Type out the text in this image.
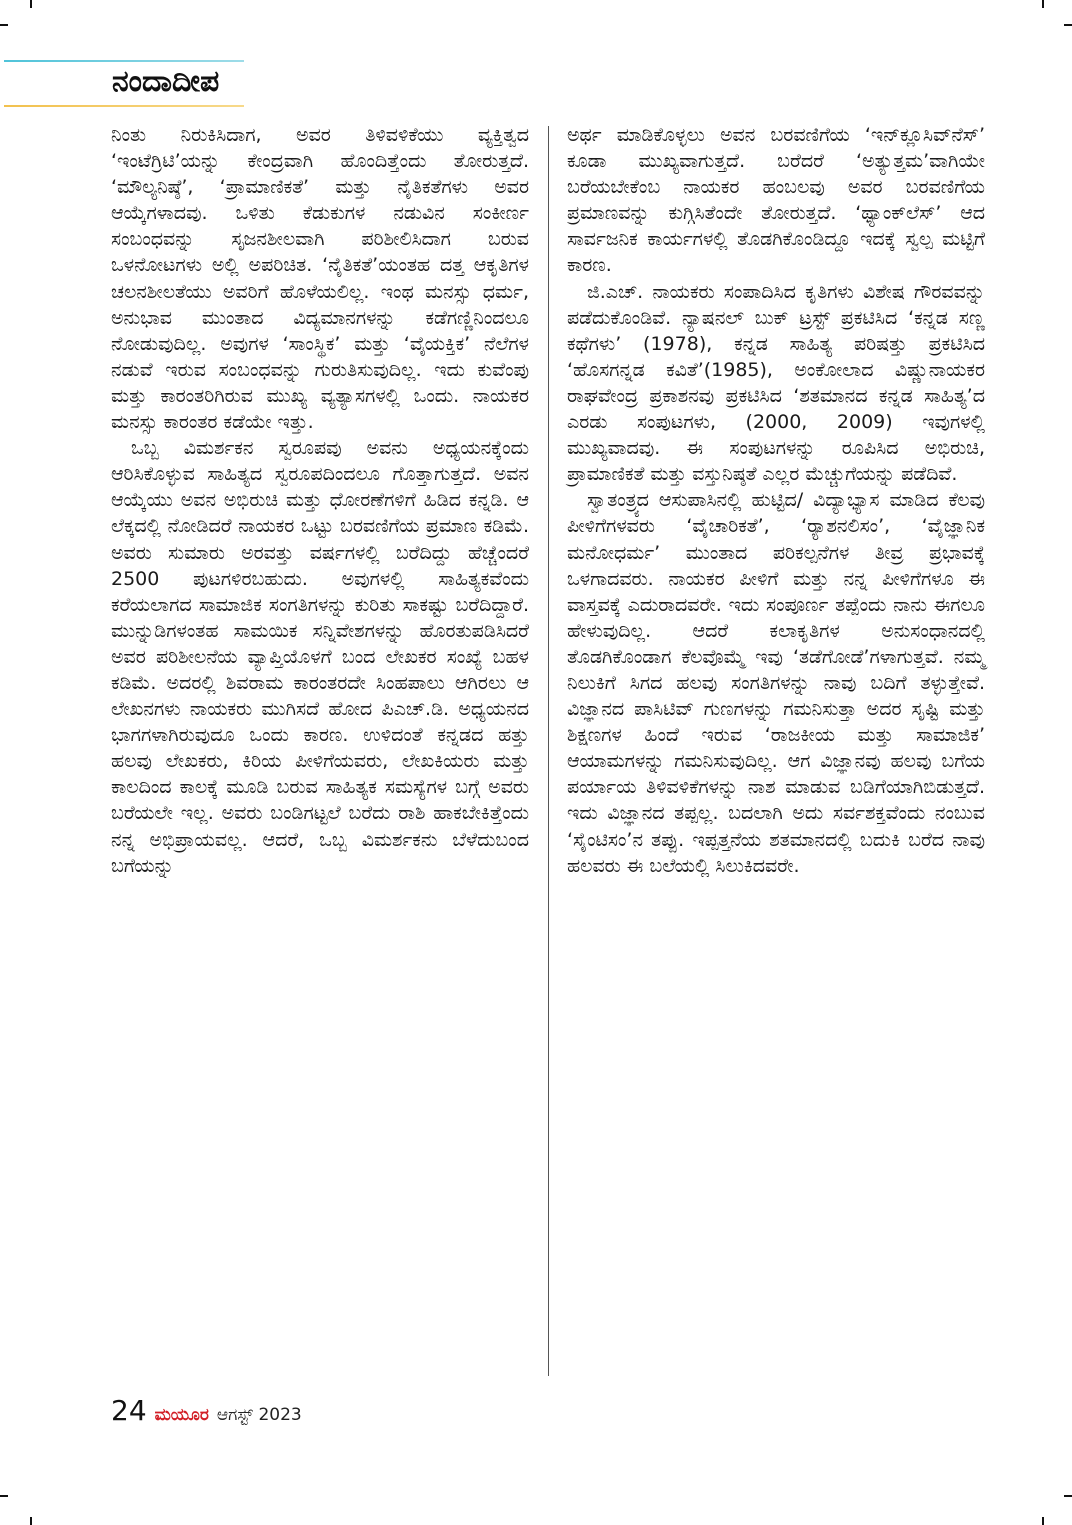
ನಂದಾದೀಪ

ನಿಂತು ನಿರುಕಿಸಿದಾಗ, ಅವರ ತಿಳಿವಳಿಕೆಯು ವ್ಯಕ್ತಿತ್ವದ ‘ಇಂಟೆಗ್ರಿಟಿ’ಯನ್ನು ಕೇಂದ್ರವಾಗಿ ಹೊಂದಿತ್ತೆಂದು ತೋರುತ್ತದೆ. ‘ಮೌಲ್ಯನಿಷ್ಠೆ’, ‘ಪ್ರಾಮಾಣಿಕತೆ’ ಮತ್ತು ನೈತಿಕತೆಗಳು ಅವರ ಆಯ್ಕೆಗಳಾದವು. ಒಳಿತು ಕೆಡುಕುಗಳ ನಡುವಿನ ಸಂಕೀರ್ಣ ಸಂಬಂಧವನ್ನು ಸೃಜನಶೀಲವಾಗಿ ಪರಿಶೀಲಿಸಿದಾಗ ಬರುವ ಒಳನೋಟಗಳು ಅಲ್ಲಿ ಅಪರಿಚಿತ. ‘ನೈತಿಕತೆ’ಯಂತಹ ದತ್ತ ಆಕೃತಿಗಳ ಚಲನಶೀಲತೆಯು ಅವರಿಗೆ ಹೊಳೆಯಲಿಲ್ಲ. ಇಂಥ ಮನಸ್ಸು ಧರ್ಮ, ಅನುಭಾವ ಮುಂತಾದ ವಿದ್ಯಮಾನಗಳನ್ನು ಕಡೆಗಣ್ಣಿನಿಂದಲೂ ನೋಡುವುದಿಲ್ಲ. ಅವುಗಳ ‘ಸಾಂಸ್ಥಿಕ’ ಮತ್ತು ‘ವೈಯಕ್ತಿಕ’ ನೆಲೆಗಳ ನಡುವೆ ಇರುವ ಸಂಬಂಧವನ್ನು ಗುರುತಿಸುವುದಿಲ್ಲ. ಇದು ಕುವೆಂಪು ಮತ್ತು ಕಾರಂತರಿಗಿರುವ ಮುಖ್ಯ ವ್ಯತ್ಯಾಸಗಳಲ್ಲಿ ಒಂದು. ನಾಯಕರ ಮನಸ್ಸು ಕಾರಂತರ ಕಡೆಯೇ ಇತ್ತು.

ಒಬ್ಬ ವಿಮರ್ಶಕನ ಸ್ವರೂಪವು ಅವನು ಅಧ್ಯಯನಕ್ಕೆಂದು ಆರಿಸಿಕೊಳ್ಳುವ ಸಾಹಿತ್ಯದ ಸ್ವರೂಪದಿಂದಲೂ ಗೊತ್ತಾಗುತ್ತದೆ. ಅವನ ಆಯ್ಕೆಯು ಅವನ ಅಭಿರುಚಿ ಮತ್ತು ಧೋರಣೆಗಳಿಗೆ ಹಿಡಿದ ಕನ್ನಡಿ. ಆ ಲೆಕ್ಕದಲ್ಲಿ ನೋಡಿದರೆ ನಾಯಕರ ಒಟ್ಟು ಬರವಣಿಗೆಯ ಪ್ರಮಾಣ ಕಡಿಮೆ. ಅವರು ಸುಮಾರು ಅರವತ್ತು ವರ್ಷಗಳಲ್ಲಿ ಬರೆದಿದ್ದು ಹೆಚ್ಚೆಂದರೆ 2500 ಪುಟಗಳಿರಬಹುದು. ಅವುಗಳಲ್ಲಿ ಸಾಹಿತ್ಯಕವೆಂದು ಕರೆಯಲಾಗದ ಸಾಮಾಜಿಕ ಸಂಗತಿಗಳನ್ನು ಕುರಿತು ಸಾಕಷ್ಟು ಬರೆದಿದ್ದಾರೆ. ಮುನ್ನುಡಿಗಳಂತಹ ಸಾಮಯಿಕ ಸನ್ನಿವೇಶಗಳನ್ನು ಹೊರತುಪಡಿಸಿದರೆ ಅವರ ಪರಿಶೀಲನೆಯ ವ್ಯಾಪ್ತಿಯೊಳಗೆ ಬಂದ ಲೇಖಕರ ಸಂಖ್ಯೆ ಬಹಳ ಕಡಿಮೆ. ಅದರಲ್ಲಿ ಶಿವರಾಮ ಕಾರಂತರದೇ ಸಿಂಹಪಾಲು ಆಗಿರಲು ಆ ಲೇಖನಗಳು ನಾಯಕರು ಮುಗಿಸದೆ ಹೋದ ಪಿಎಚ್.ಡಿ. ಅಧ್ಯಯನದ ಭಾಗಗಳಾಗಿರುವುದೂ ಒಂದು ಕಾರಣ. ಉಳಿದಂತೆ ಕನ್ನಡದ ಹತ್ತು ಹಲವು ಲೇಖಕರು, ಕಿರಿಯ ಪೀಳಿಗೆಯವರು, ಲೇಖಕಿಯರು ಮತ್ತು ಕಾಲದಿಂದ ಕಾಲಕ್ಕೆ ಮೂಡಿ ಬರುವ ಸಾಹಿತ್ಯಕ ಸಮಸ್ಯೆಗಳ ಬಗ್ಗೆ ಅವರು ಬರೆಯಲೇ ಇಲ್ಲ. ಅವರು ಬಂಡಿಗಟ್ಟಲೆ ಬರೆದು ರಾಶಿ ಹಾಕಬೇಕಿತ್ತೆಂದು ನನ್ನ ಅಭಿಪ್ರಾಯವಲ್ಲ. ಆದರೆ, ಒಬ್ಬ ವಿಮರ್ಶಕನು ಬೆಳೆದುಬಂದ ಬಗೆಯನ್ನು

ಅರ್ಥ ಮಾಡಿಕೊಳ್ಳಲು ಅವನ ಬರವಣಿಗೆಯ ‘ಇನ್‌ಕ್ಲೂಸಿವ್‌ನೆಸ್’ ಕೂಡಾ ಮುಖ್ಯವಾಗುತ್ತದೆ. ಬರೆದರೆ ‘ಅತ್ಯುತ್ತಮ’ವಾಗಿಯೇ ಬರೆಯಬೇಕೆಂಬ ನಾಯಕರ ಹಂಬಲವು ಅವರ ಬರವಣಿಗೆಯ ಪ್ರಮಾಣವನ್ನು ಕುಗ್ಗಿಸಿತೆಂದೇ ತೋರುತ್ತದೆ. ‘ಥ್ಯಾಂಕ್‌ಲೆಸ್’ ಆದ ಸಾರ್ವಜನಿಕ ಕಾರ್ಯಗಳಲ್ಲಿ ತೊಡಗಿಕೊಂಡಿದ್ದೂ ಇದಕ್ಕೆ ಸ್ವಲ್ಪ ಮಟ್ಟಿಗೆ ಕಾರಣ.

ಜಿ.ಎಚ್. ನಾಯಕರು ಸಂಪಾದಿಸಿದ ಕೃತಿಗಳು ವಿಶೇಷ ಗೌರವವನ್ನು ಪಡೆದುಕೊಂಡಿವೆ. ನ್ಯಾಷನಲ್ ಬುಕ್ ಟ್ರಸ್ಟ್ ಪ್ರಕಟಿಸಿದ ‘ಕನ್ನಡ ಸಣ್ಣ ಕಥೆಗಳು’ (1978), ಕನ್ನಡ ಸಾಹಿತ್ಯ ಪರಿಷತ್ತು ಪ್ರಕಟಿಸಿದ ‘ಹೊಸಗನ್ನಡ ಕವಿತೆ’(1985), ಅಂಕೋಲಾದ ವಿಷ್ಣುನಾಯಕರ ರಾಘವೇಂದ್ರ ಪ್ರಕಾಶನವು ಪ್ರಕಟಿಸಿದ ‘ಶತಮಾನದ ಕನ್ನಡ ಸಾಹಿತ್ಯ’ದ ಎರಡು ಸಂಪುಟಗಳು, (2000, 2009) ಇವುಗಳಲ್ಲಿ ಮುಖ್ಯವಾದವು. ಈ ಸಂಪುಟಗಳನ್ನು ರೂಪಿಸಿದ ಅಭಿರುಚಿ, ಪ್ರಾಮಾಣಿಕತೆ ಮತ್ತು ವಸ್ತುನಿಷ್ಠತೆ ಎಲ್ಲರ ಮೆಚ್ಚುಗೆಯನ್ನು ಪಡೆದಿವೆ.

ಸ್ವಾತಂತ್ರ್ಯದ ಆಸುಪಾಸಿನಲ್ಲಿ ಹುಟ್ಟಿದ/ ವಿದ್ಯಾಭ್ಯಾಸ ಮಾಡಿದ ಕೆಲವು ಪೀಳಿಗೆಗಳವರು ‘ವೈಚಾರಿಕತೆ’, ‘ರ್‍ಯಾಶನಲಿಸಂ’, ‘ವೈಜ್ಞಾನಿಕ ಮನೋಧರ್ಮ’ ಮುಂತಾದ ಪರಿಕಲ್ಪನೆಗಳ ತೀವ್ರ ಪ್ರಭಾವಕ್ಕೆ ಒಳಗಾದವರು. ನಾಯಕರ ಪೀಳಿಗೆ ಮತ್ತು ನನ್ನ ಪೀಳಿಗೆಗಳೂ ಈ ವಾಸ್ತವಕ್ಕೆ ಎದುರಾದವರೇ. ಇದು ಸಂಪೂರ್ಣ ತಪ್ಪೆಂದು ನಾನು ಈಗಲೂ ಹೇಳುವುದಿಲ್ಲ. ಆದರೆ ಕಲಾಕೃತಿಗಳ ಅನುಸಂಧಾನದಲ್ಲಿ ತೊಡಗಿಕೊಂಡಾಗ ಕೆಲವೊಮ್ಮೆ ಇವು ‘ತಡೆಗೋಡೆ’ಗಳಾಗುತ್ತವೆ. ನಮ್ಮ ನಿಲುಕಿಗೆ ಸಿಗದ ಹಲವು ಸಂಗತಿಗಳನ್ನು ನಾವು ಬದಿಗೆ ತಳ್ಳುತ್ತೇವೆ. ವಿಜ್ಞಾನದ ಪಾಸಿಟಿವ್ ಗುಣಗಳನ್ನು ಗಮನಿಸುತ್ತಾ ಅದರ ಸೃಷ್ಟಿ ಮತ್ತು ಶಿಕ್ಷಣಗಳ ಹಿಂದೆ ಇರುವ ‘ರಾಜಕೀಯ ಮತ್ತು ಸಾಮಾಜಿಕ’ ಆಯಾಮಗಳನ್ನು ಗಮನಿಸುವುದಿಲ್ಲ. ಆಗ ವಿಜ್ಞಾನವು ಹಲವು ಬಗೆಯ ಪರ್ಯಾಯ ತಿಳಿವಳಿಕೆಗಳನ್ನು ನಾಶ ಮಾಡುವ ಬಡಿಗೆಯಾಗಿಬಿಡುತ್ತದೆ. ಇದು ವಿಜ್ಞಾನದ ತಪ್ಪಲ್ಲ. ಬದಲಾಗಿ ಅದು ಸರ್ವಶಕ್ತವೆಂದು ನಂಬುವ ‘ಸೈಂಟಿಸಂ’ನ ತಪ್ಪು. ಇಪ್ಪತ್ತನೆಯ ಶತಮಾನದಲ್ಲಿ ಬದುಕಿ ಬರೆದ ನಾವು ಹಲವರು ಈ ಬಲೆಯಲ್ಲಿ ಸಿಲುಕಿದವರೇ.

24 ಮಯೂರ ಆಗಸ್ಟ್ 2023
